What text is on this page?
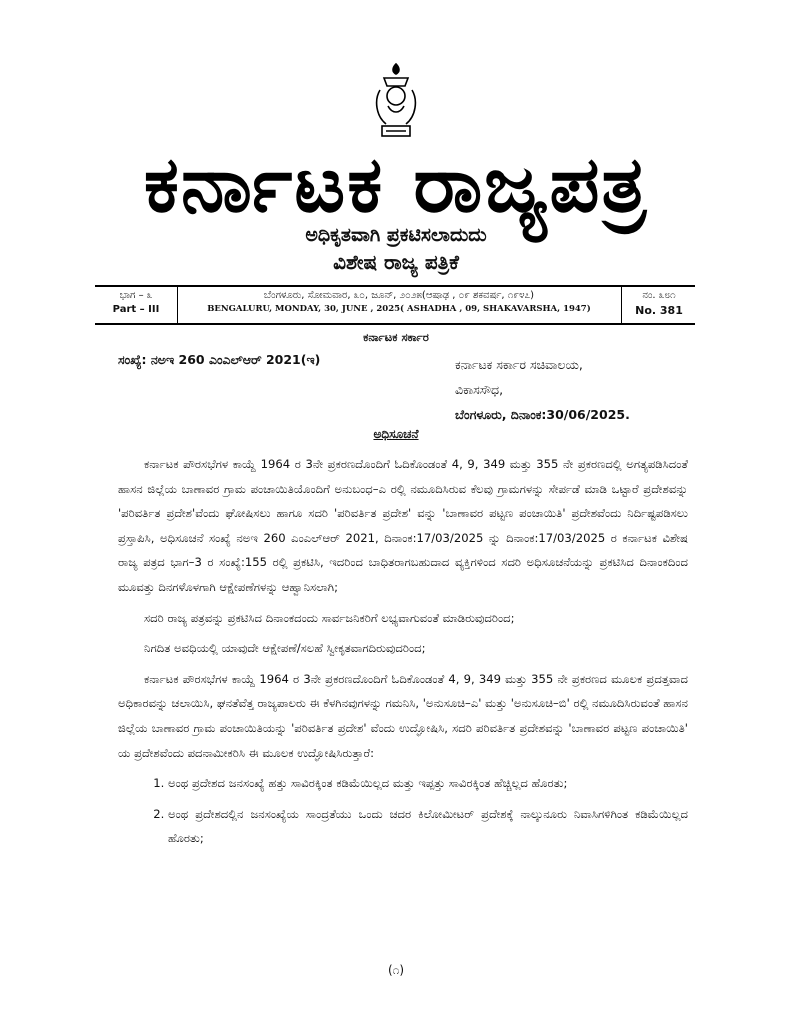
ಕರ್ನಾಟಕ ರಾಜ್ಯಪತ್ರ
ಅಧಿಕೃತವಾಗಿ ಪ್ರಕಟಿಸಲಾದುದು
ವಿಶೇಷ ರಾಜ್ಯ ಪತ್ರಿಕೆ
ಭಾಗ – ೩
Part – III
ಬೆಂಗಳೂರು, ಸೋಮವಾರ, ೩೦, ಜೂನ್, ೨೦೨೫(ಆಷಾಢ , ೦೯ ಶಕವರ್ಷ, ೧೯೪೭)
BENGALURU, MONDAY, 30, JUNE , 2025( ASHADHA , 09, SHAKAVARSHA, 1947)
ನಂ. ೩೮೧
No. 381
ಕರ್ನಾಟಕ ಸರ್ಕಾರ
ಸಂಖ್ಯೆ: ನಅಇ 260 ಎಂಎಲ್ಆರ್ 2021(ಇ)	ಕರ್ನಾಟಕ ಸರ್ಕಾರ ಸಚಿವಾಲಯ,
ವಿಕಾಸಸೌಧ,
ಬೆಂಗಳೂರು, ದಿನಾಂಕ:30/06/2025.
ಅಧಿಸೂಚನೆ

ಕರ್ನಾಟಕ ಪೌರಸಭೆಗಳ ಕಾಯ್ದೆ 1964 ರ 3ನೇ ಪ್ರಕರಣದೊಂದಿಗೆ ಓದಿಕೊಂಡಂತೆ 4, 9, 349 ಮತ್ತು 355 ನೇ ಪ್ರಕರಣದಲ್ಲಿ ಅಗತ್ಯಪಡಿಸಿದಂತೆ ಹಾಸನ ಜಿಲ್ಲೆಯ ಬಾಣಾವರ ಗ್ರಾಮ ಪಂಚಾಯಿತಿಯೊಂದಿಗೆ ಅನುಬಂಧ–ಎ ರಲ್ಲಿ ನಮೂದಿಸಿರುವ ಕೆಲವು ಗ್ರಾಮಗಳನ್ನು ಸೇರ್ಪಡೆ ಮಾಡಿ ಒಟ್ಟಾರೆ ಪ್ರದೇಶವನ್ನು 'ಪರಿವರ್ತಿತ ಪ್ರದೇಶ'ವೆಂದು ಘೋಷಿಸಲು ಹಾಗೂ ಸದರಿ 'ಪರಿವರ್ತಿತ ಪ್ರದೇಶ' ವನ್ನು 'ಬಾಣಾವರ ಪಟ್ಟಣ ಪಂಚಾಯಿತಿ' ಪ್ರದೇಶವೆಂದು ನಿರ್ದಿಷ್ಟಪಡಿಸಲು ಪ್ರಸ್ತಾಪಿಸಿ, ಅಧಿಸೂಚನೆ ಸಂಖ್ಯೆ ನಅಇ 260 ಎಂಎಲ್ಆರ್ 2021, ದಿನಾಂಕ:17/03/2025 ನ್ನು ದಿನಾಂಕ:17/03/2025 ರ ಕರ್ನಾಟಕ ವಿಶೇಷ ರಾಜ್ಯ ಪತ್ರದ ಭಾಗ–3 ರ ಸಂಖ್ಯೆ:155 ರಲ್ಲಿ ಪ್ರಕಟಿಸಿ, ಇದರಿಂದ ಬಾಧಿತರಾಗಬಹುದಾದ ವ್ಯಕ್ತಿಗಳಿಂದ ಸದರಿ ಅಧಿಸೂಚನೆಯನ್ನು ಪ್ರಕಟಿಸಿದ ದಿನಾಂಕದಿಂದ ಮೂವತ್ತು ದಿನಗಳೊಳಗಾಗಿ ಆಕ್ಷೇಪಣೆಗಳನ್ನು ಆಹ್ವಾನಿಸಲಾಗಿ;

ಸದರಿ ರಾಜ್ಯ ಪತ್ರವನ್ನು ಪ್ರಕಟಿಸಿದ ದಿನಾಂಕದಂದು ಸಾರ್ವಜನಿಕರಿಗೆ ಲಭ್ಯವಾಗುವಂತೆ ಮಾಡಿರುವುದರಿಂದ;

ನಿಗದಿತ ಅವಧಿಯಲ್ಲಿ ಯಾವುದೇ ಆಕ್ಷೇಪಣೆ/ಸಲಹೆ ಸ್ವೀಕೃತವಾಗದಿರುವುದರಿಂದ;

ಕರ್ನಾಟಕ ಪೌರಸಭೆಗಳ ಕಾಯ್ದೆ 1964 ರ 3ನೇ ಪ್ರಕರಣದೊಂದಿಗೆ ಓದಿಕೊಂಡಂತೆ 4, 9, 349 ಮತ್ತು 355 ನೇ ಪ್ರಕರಣದ ಮೂಲಕ ಪ್ರದತ್ತವಾದ ಅಧಿಕಾರವನ್ನು ಚಲಾಯಿಸಿ, ಘನತೆವೆತ್ತ ರಾಜ್ಯಪಾಲರು ಈ ಕೆಳಗಿನವುಗಳನ್ನು ಗಮನಿಸಿ, 'ಅನುಸೂಚಿ–ಎ' ಮತ್ತು 'ಅನುಸೂಚಿ–ಬಿ' ರಲ್ಲಿ ನಮೂದಿಸಿರುವಂತೆ ಹಾಸನ ಜಿಲ್ಲೆಯ ಬಾಣಾವರ ಗ್ರಾಮ ಪಂಚಾಯಿತಿಯನ್ನು 'ಪರಿವರ್ತಿತ ಪ್ರದೇಶ' ವೆಂದು ಉದ್ಘೋಷಿಸಿ, ಸದರಿ ಪರಿವರ್ತಿತ ಪ್ರದೇಶವನ್ನು 'ಬಾಣಾವರ ಪಟ್ಟಣ ಪಂಚಾಯಿತಿ' ಯ ಪ್ರದೇಶವೆಂದು ಪದನಾಮೀಕರಿಸಿ ಈ ಮೂಲಕ ಉದ್ಘೋಷಿಸಿರುತ್ತಾರೆ:

1. ಅಂಥ ಪ್ರದೇಶದ ಜನಸಂಖ್ಯೆ ಹತ್ತು ಸಾವಿರಕ್ಕಿಂತ ಕಡಿಮೆಯಿಲ್ಲದ ಮತ್ತು ಇಪ್ಪತ್ತು ಸಾವಿರಕ್ಕಿಂತ ಹೆಚ್ಚಿಲ್ಲದ ಹೊರತು;
2. ಅಂಥ ಪ್ರದೇಶದಲ್ಲಿನ ಜನಸಂಖ್ಯೆಯ ಸಾಂದ್ರತೆಯು ಒಂದು ಚದರ ಕಿಲೋಮೀಟರ್ ಪ್ರದೇಶಕ್ಕೆ ನಾಲ್ಕುನೂರು ನಿವಾಸಿಗಳಿಗಿಂತ ಕಡಿಮೆಯಿಲ್ಲದ ಹೊರತು;
(೧)
